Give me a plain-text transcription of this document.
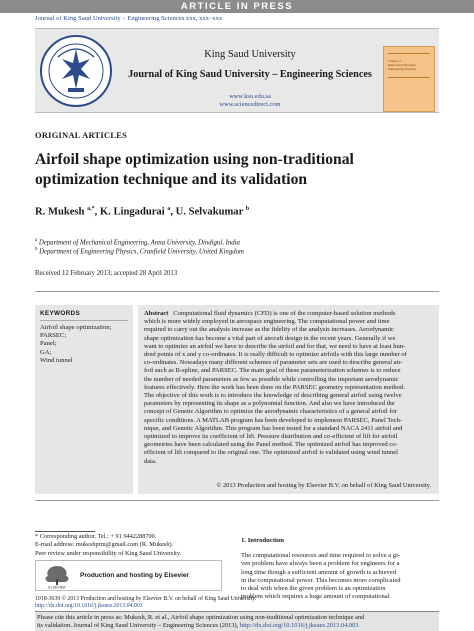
ARTICLE IN PRESS
Journal of King Saud University – Engineering Sciences xxx, xxx–xxx
King Saud University
Journal of King Saud University – Engineering Sciences
www.ksu.edu.sa
www.sciencedirect.com
Journal of
King Saud University
Engineering Sciences
ORIGINAL ARTICLES
Airfoil shape optimization using non-traditional
optimization technique and its validation
R. Mukesh $^{a,*}$, K. Lingadurai $^a$, U. Selvakumar $^b$
$^a$ Department of Mechanical Engineering, Anna University, Dindigul, India
$^b$ Department of Engineering Physics, Cranfield University, United Kingdom
Received 12 February 2013; accepted 28 April 2013
KEYWORDS
Airfoil shape optimization;
PARSEC;
Panel;
GA;
Wind tunnel
Abstract Computational fluid dynamics (CFD) is one of the computer-based solution methods
which is more widely employed in aerospace engineering. The computational power and time
required to carry out the analysis increase as the fidelity of the analysis increases. Aerodynamic
shape optimization has become a vital part of aircraft design in the recent years. Generally if we
want to optimize an airfoil we have to describe the airfoil and for that, we need to have at least hun-
dred points of x and y co-ordinates. It is really difficult to optimize airfoils with this large number of
co-ordinates. Nowadays many different schemes of parameter sets are used to describe general air-
foil such as B-spline, and PARSEC. The main goal of these parameterization schemes is to reduce
the number of needed parameters as few as possible while controlling the important aerodynamic
features effectively. Here the work has been done on the PARSEC geometry representation method.
The objective of this work is to introduce the knowledge of describing general airfoil using twelve
parameters by representing its shape as a polynomial function. And also we have introduced the
concept of Genetic Algorithm to optimize the aerodynamic characteristics of a general airfoil for
specific conditions. A MATLAB program has been developed to implement PARSEC, Panel Tech-
nique, and Genetic Algorithm. This program has been tested for a standard NACA 2411 airfoil and
optimized to improve its coefficient of lift. Pressure distribution and co-efficient of lift for airfoil
geometries have been calculated using the Panel method. The optimized airfoil has improved co-
efficient of lift compared to the original one. The optimized airfoil is validated using wind tunnel
data.
© 2013 Production and hosting by Elsevier B.V. on behalf of King Saud University.
* Corresponding author. Tel.: + 91 9442288700.
E-mail address: mukeshprm@gmail.com (R. Mukesh).
Peer review under responsibility of King Saud University.
ELSEVIER
Production and hosting by Elsevier
1. Introduction
The computational resources and time required to solve a gi-
ven problem have always been a problem for engineers for a
long time though a sufficient amount of growth is achieved
in the computational power. This becomes more complicated
to deal with when the given problem is an optimization
problem which requires a huge amount of computational
1018-3639 © 2013 Production and hosting by Elsevier B.V. on behalf of King Saud University.
http://dx.doi.org/10.1016/j.jksues.2013.04.003
Please cite this article in press as: Mukesh, R. et al., Airfoil shape optimization using non-traditional optimization technique and
its validation. Journal of King Saud University – Engineering Sciences (2013), http://dx.doi.org/10.1016/j.jksues.2013.04.003
